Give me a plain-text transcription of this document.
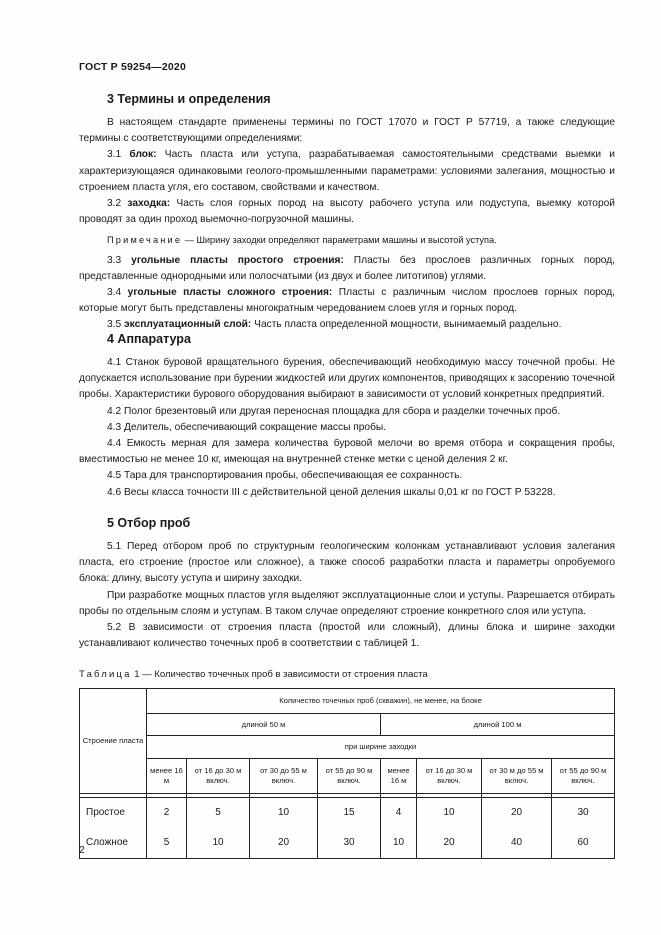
ГОСТ Р 59254—2020
3 Термины и определения

В настоящем стандарте применены термины по ГОСТ 17070 и ГОСТ Р 57719, а также следующие термины с соответствующими определениями:

3.1 блок: Часть пласта или уступа, разрабатываемая самостоятельными средствами выемки и характеризующаяся одинаковыми геолого-промышленными параметрами: условиями залегания, мощностью и строением пласта угля, его составом, свойствами и качеством.

3.2 заходка: Часть слоя горных пород на высоту рабочего уступа или подуступа, выемку которой проводят за один проход выемочно-погрузочной машины.

Примечание — Ширину заходки определяют параметрами машины и высотой уступа.

3.3 угольные пласты простого строения: Пласты без прослоев различных горных пород, представленные однородными или полосчатыми (из двух и более литотипов) углями.

3.4 угольные пласты сложного строения: Пласты с различным числом прослоев горных пород, которые могут быть представлены многократным чередованием слоев угля и горных пород.

3.5 эксплуатационный слой: Часть пласта определенной мощности, вынимаемый раздельно.

4 Аппаратура

4.1 Станок буровой вращательного бурения, обеспечивающий необходимую массу точечной пробы. Не допускается использование при бурении жидкостей или других компонентов, приводящих к засорению точечной пробы. Характеристики бурового оборудования выбирают в зависимости от условий конкретных предприятий.

4.2 Полог брезентовый или другая переносная площадка для сбора и разделки точечных проб.

4.3 Делитель, обеспечивающий сокращение массы пробы.

4.4 Емкость мерная для замера количества буровой мелочи во время отбора и сокращения пробы, вместимостью не менее 10 кг, имеющая на внутренней стенке метки с ценой деления 2 кг.

4.5 Тара для транспортирования пробы, обеспечивающая ее сохранность.

4.6 Весы класса точности III с действительной ценой деления шкалы 0,01 кг по ГОСТ Р 53228.

5 Отбор проб

5.1 Перед отбором проб по структурным геологическим колонкам устанавливают условия залегания пласта, его строение (простое или сложное), а также способ разработки пласта и параметры опробуемого блока: длину, высоту уступа и ширину заходки.

При разработке мощных пластов угля выделяют эксплуатационные слои и уступы. Разрешается отбирать пробы по отдельным слоям и уступам. В таком случае определяют строение конкретного слоя или уступа.

5.2 В зависимости от строения пласта (простой или сложный), длины блока и ширине заходки устанавливают количество точечных проб в соответствии с таблицей 1.

Таблица 1 — Количество точечных проб в зависимости от строения пласта
Строение пласта	Количество точечных проб (скважин), не менее, на блоке							
	длиной 50 м				длиной 100 м			
	при ширине заходки							
	менее 16 м	от 16 до 30 м включ.	от 30 до 55 м включ.	от 55 до 90 м включ.	менее 16 м	от 16 до 30 м включ.	от 30 м до 55 м включ.	от 55 до 90 м включ.

Простое	2	5	10	15	4	10	20	30
Сложное	5	10	20	30	10	20	40	60
2
